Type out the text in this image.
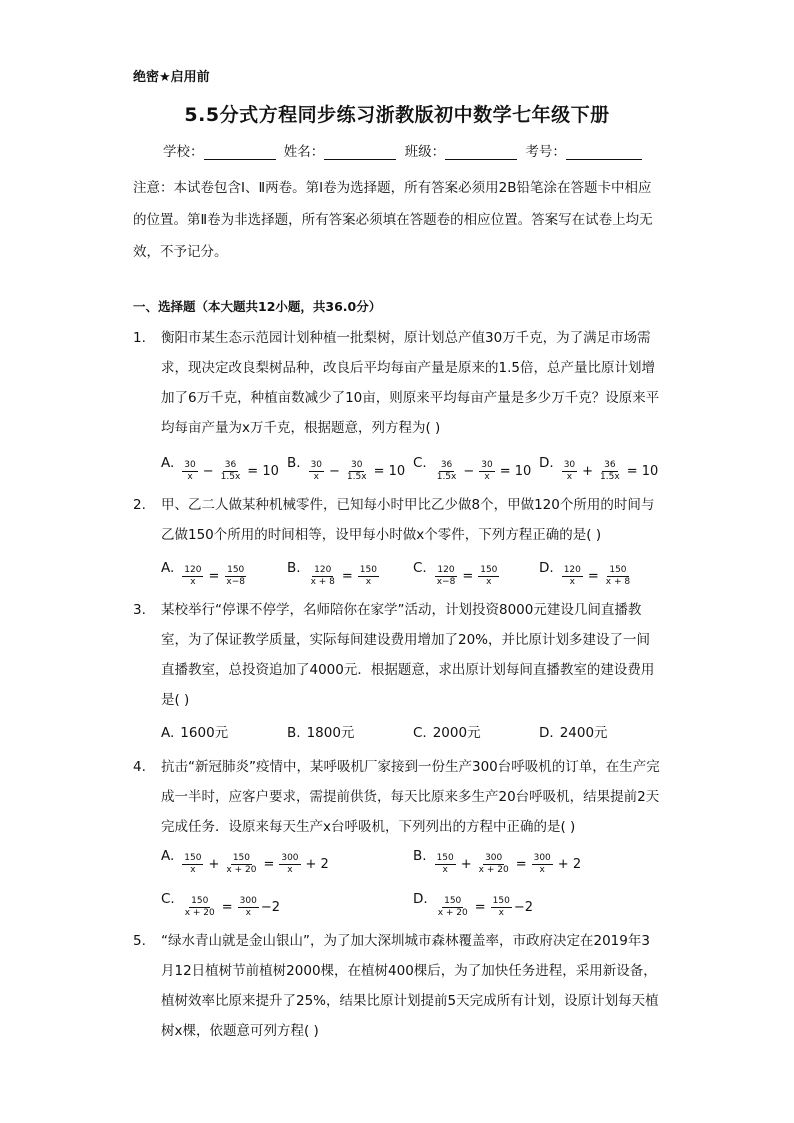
绝密★启用前
5.5分式方程同步练习浙教版初中数学七年级下册
学校：	姓名：	班级：	考号：
注意：本试卷包含Ⅰ、Ⅱ两卷。第Ⅰ卷为选择题，所有答案必须用2B铅笔涂在答题卡中相应的位置。第Ⅱ卷为非选择题，所有答案必须填在答题卷的相应位置。答案写在试卷上均无效，不予记分。
一、选择题（本大题共12小题，共36.0分）
1.	衡阳市某生态示范园计划种植一批梨树，原计划总产值30万千克，为了满足市场需求，现决定改良梨树品种，改良后平均每亩产量是原来的1.5倍，总产量比原计划增加了6万千克，种植亩数减少了10亩，则原来平均每亩产量是多少万千克？设原来平均每亩产量为x万千克，根据题意，列方程为( )
A. $\frac{30}{x} - \frac{36}{1.5x} = 10$
B. $\frac{30}{x} - \frac{30}{1.5x} = 10$
C. $\frac{36}{1.5x} - \frac{30}{x} = 10$
D. $\frac{30}{x} + \frac{36}{1.5x} = 10$
2.	甲、乙二人做某种机械零件，已知每小时甲比乙少做8个，甲做120个所用的时间与乙做150个所用的时间相等，设甲每小时做x个零件，下列方程正确的是( )
A. $\frac{120}{x} = \frac{150}{x-8}$	B. $\frac{120}{x + 8} = \frac{150}{x}$	C. $\frac{120}{x-8} = \frac{150}{x}$	D. $\frac{120}{x} = \frac{150}{x + 8}$
3.	某校举行“停课不停学，名师陪你在家学”活动，计划投资8000元建设几间直播教室，为了保证教学质量，实际每间建设费用增加了20%，并比原计划多建设了一间直播教室，总投资追加了4000元．根据题意，求出原计划每间直播教室的建设费用是( )
A. 1600元	B. 1800元	C. 2000元	D. 2400元
4.	抗击“新冠肺炎”疫情中，某呼吸机厂家接到一份生产300台呼吸机的订单，在生产完成一半时，应客户要求，需提前供货，每天比原来多生产20台呼吸机，结果提前2天完成任务．设原来每天生产x台呼吸机，下列列出的方程中正确的是( )
A. $\frac{150}{x} + \frac{150}{x + 20} = \frac{300}{x} + 2$
B. $\frac{150}{x} + \frac{300}{x + 20} = \frac{300}{x} + 2$
C. $\frac{150}{x + 20} = \frac{300}{x} -2$
D. $\frac{150}{x + 20} = \frac{150}{x} -2$
5.	“绿水青山就是金山银山”，为了加大深圳城市森林覆盖率，市政府决定在2019年3月12日植树节前植树2000棵，在植树400棵后，为了加快任务进程，采用新设备，植树效率比原来提升了25%，结果比原计划提前5天完成所有计划，设原计划每天植树x棵，依题意可列方程( )
